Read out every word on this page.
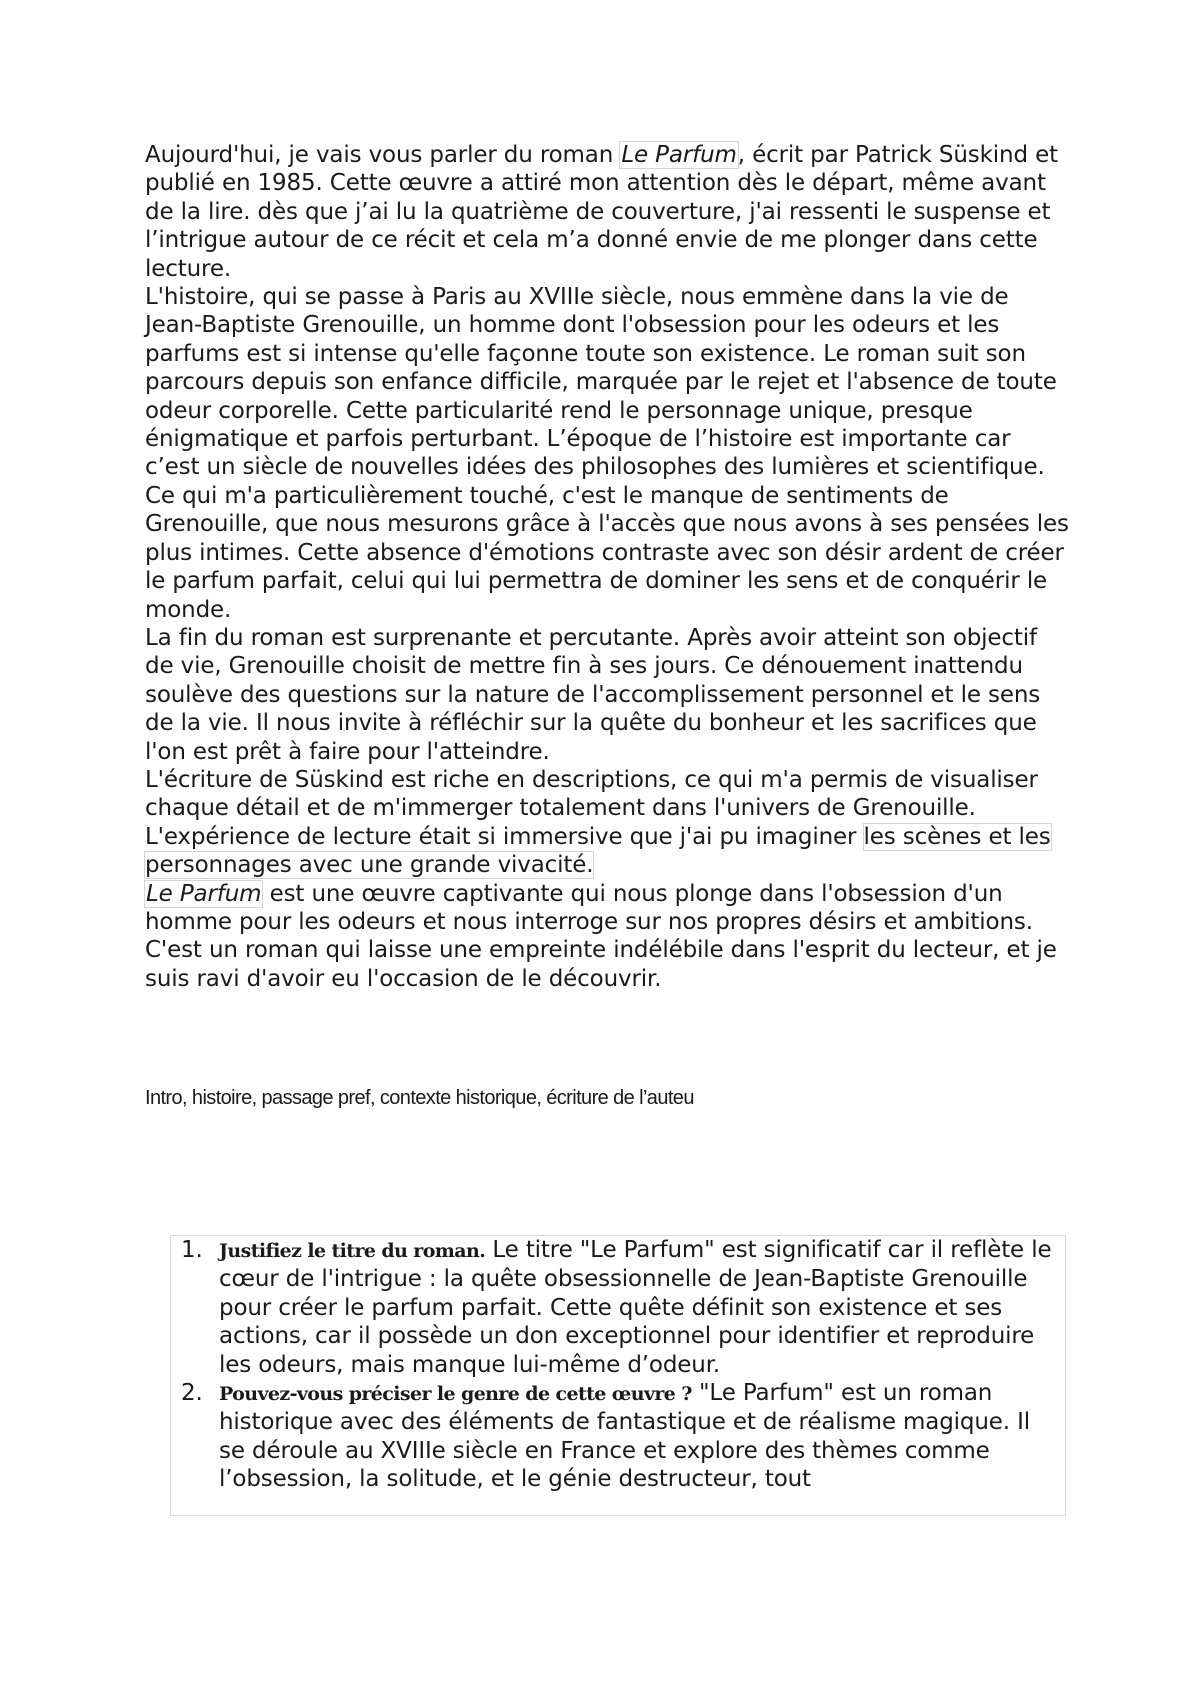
Aujourd'hui, je vais vous parler du roman Le Parfum, écrit par Patrick Süskind et publié en 1985. Cette œuvre a attiré mon attention dès le départ, même avant de la lire. dès que j’ai lu la quatrième de couverture, j'ai ressenti le suspense et l’intrigue autour de ce récit et cela m’a donné envie de me plonger dans cette lecture.

L'histoire, qui se passe à Paris au XVIIIe siècle, nous emmène dans la vie de Jean-Baptiste Grenouille, un homme dont l'obsession pour les odeurs et les parfums est si intense qu'elle façonne toute son existence. Le roman suit son parcours depuis son enfance difficile, marquée par le rejet et l'absence de toute odeur corporelle. Cette particularité rend le personnage unique, presque énigmatique et parfois perturbant. L’époque de l’histoire est importante car c’est un siècle de nouvelles idées des philosophes des lumières et scientifique.

Ce qui m'a particulièrement touché, c'est le manque de sentiments de Grenouille, que nous mesurons grâce à l'accès que nous avons à ses pensées les plus intimes. Cette absence d'émotions contraste avec son désir ardent de créer le parfum parfait, celui qui lui permettra de dominer les sens et de conquérir le monde.

La fin du roman est surprenante et percutante. Après avoir atteint son objectif de vie, Grenouille choisit de mettre fin à ses jours. Ce dénouement inattendu soulève des questions sur la nature de l'accomplissement personnel et le sens de la vie. Il nous invite à réfléchir sur la quête du bonheur et les sacrifices que l'on est prêt à faire pour l'atteindre.

L'écriture de Süskind est riche en descriptions, ce qui m'a permis de visualiser chaque détail et de m'immerger totalement dans l'univers de Grenouille. L'expérience de lecture était si immersive que j'ai pu imaginer les scènes et les personnages avec une grande vivacité.

Le Parfum est une œuvre captivante qui nous plonge dans l'obsession d'un homme pour les odeurs et nous interroge sur nos propres désirs et ambitions. C'est un roman qui laisse une empreinte indélébile dans l'esprit du lecteur, et je suis ravi d'avoir eu l'occasion de le découvrir.

Intro, histoire, passage pref, contexte historique, écriture de l’auteu
1. Justifiez le titre du roman. Le titre "Le Parfum" est significatif car il reflète le cœur de l'intrigue : la quête obsessionnelle de Jean-Baptiste Grenouille pour créer le parfum parfait. Cette quête définit son existence et ses actions, car il possède un don exceptionnel pour identifier et reproduire les odeurs, mais manque lui-même d’odeur.
2. Pouvez-vous préciser le genre de cette œuvre ? "Le Parfum" est un roman historique avec des éléments de fantastique et de réalisme magique. Il se déroule au XVIIIe siècle en France et explore des thèmes comme l’obsession, la solitude, et le génie destructeur, tout
